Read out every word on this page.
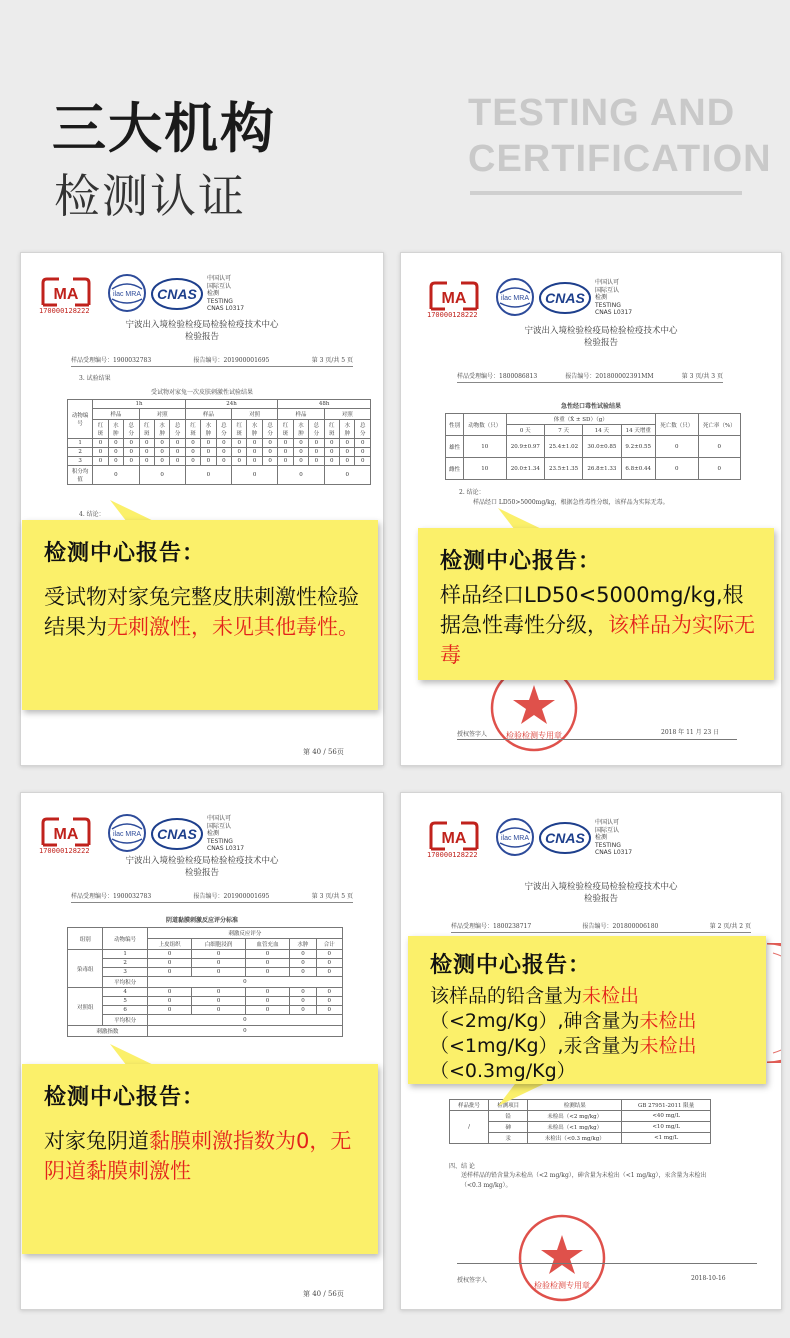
三大机构
检测认证
TESTING AND
CERTIFICATION
MA
170000128222
ilac MRA CNAS
中国认可
国际互认
检测
TESTING
CNAS L0317
宁波出入境检验检疫局检验检疫技术中心
检验报告
样品受理编号：1900032783	报告编号：201900001695	第 3 页/共 5 页
3. 试验结果
受试物对家兔一次皮肤刺激性试验结果
动物编号	1h						24h						48h					
	样品			对照			样品			对照			样品			对照		
	红斑	水肿	总分	红斑	水肿	总分	红斑	水肿	总分	红斑	水肿	总分	红斑	水肿	总分	红斑	水肿	总分
1	0	0	0	0	0	0	0	0	0	0	0	0	0	0	0	0	0	0
2	0	0	0	0	0	0	0	0	0	0	0	0	0	0	0	0	0	0
3	0	0	0	0	0	0	0	0	0	0	0	0	0	0	0	0	0	0
积分均值	0			0			0			0			0			0		
4. 结论：
第 40 / 56页
MA
170000128222
ilac MRA CNAS
中国认可
国际互认
检测
TESTING
CNAS L0317
宁波出入境检验检疫局检验检疫技术中心
检验报告
样品受理编号：1800086813	报告编号：201800002391MM	第 3 页/共 3 页
急性经口毒性试验结果
性别	动物数（只）	体重（X̄ ± SD）（g）				死亡数（只）	死亡率（%）
		0 天	7 天	14 天	14 天增重		
雄性	10	20.9±0.97	25.4±1.02	30.0±0.85	9.2±0.55	0	0
雌性	10	20.0±1.34	23.5±1.35	26.8±1.33	6.8±0.44	0	0
2. 结论：
样品经口 LD50>5000mg/kg，根据急性毒性分级，该样品为实际无毒。
检验检测专用章
授权签字人	2018 年 11 月 23 日
MA
170000128222
ilac MRA CNAS
中国认可
国际互认
检测
TESTING
CNAS L0317
宁波出入境检验检疫局检验检疫技术中心
检验报告
样品受理编号：1900032783	报告编号：201900001695	第 3 页/共 5 页
阴道黏膜刺激反应评分标准
组别	动物编号	刺激反应评分				
		上皮组织	白细胞浸润	血管充血	水肿	合计
染毒组	1	0	0	0	0	0
	2	0	0	0	0	0
	3	0	0	0	0	0
	平均积分	0				
对照组	4	0	0	0	0	0
	5	0	0	0	0	0
	6	0	0	0	0	0
	平均积分	0				
刺激指数		0				
第 40 / 56页
MA
170000128222
ilac MRA CNAS
中国认可
国际互认
检测
TESTING
CNAS L0317
宁波出入境检验检疫局检验检疫技术中心
检验报告
样品受理编号：1800238717	报告编号：201800006180	第 2 页/共 2 页
样品批号	检测项目	检测结果	GB 27951-2011 限量
/	铅	未检出（<2 mg/kg）	<40 mg/L
	砷	未检出（<1 mg/kg）	<10 mg/L
	汞	未检出（<0.3 mg/kg）	<1 mg/L
四、结 论
送样样品的铅含量为未检出（<2 mg/kg），砷含量为未检出（<1 mg/kg），汞含量为未检出（<0.3 mg/kg）。
检验检测专用章
授权签字人	2018-10-16
检测中心报告：
受试物对家兔完整皮肤刺激性检验结果为无刺激性，未见其他毒性。
检测中心报告：
样品经口LD50<5000mg/kg,根据急性毒性分级，该样品为实际无毒
检测中心报告：
对家兔阴道黏膜刺激指数为0，无阴道黏膜刺激性
检测中心报告：
该样品的铅含量为未检出（<2mg/Kg）,砷含量为未检出（<1mg/Kg）,汞含量为未检出（<0.3mg/Kg）
